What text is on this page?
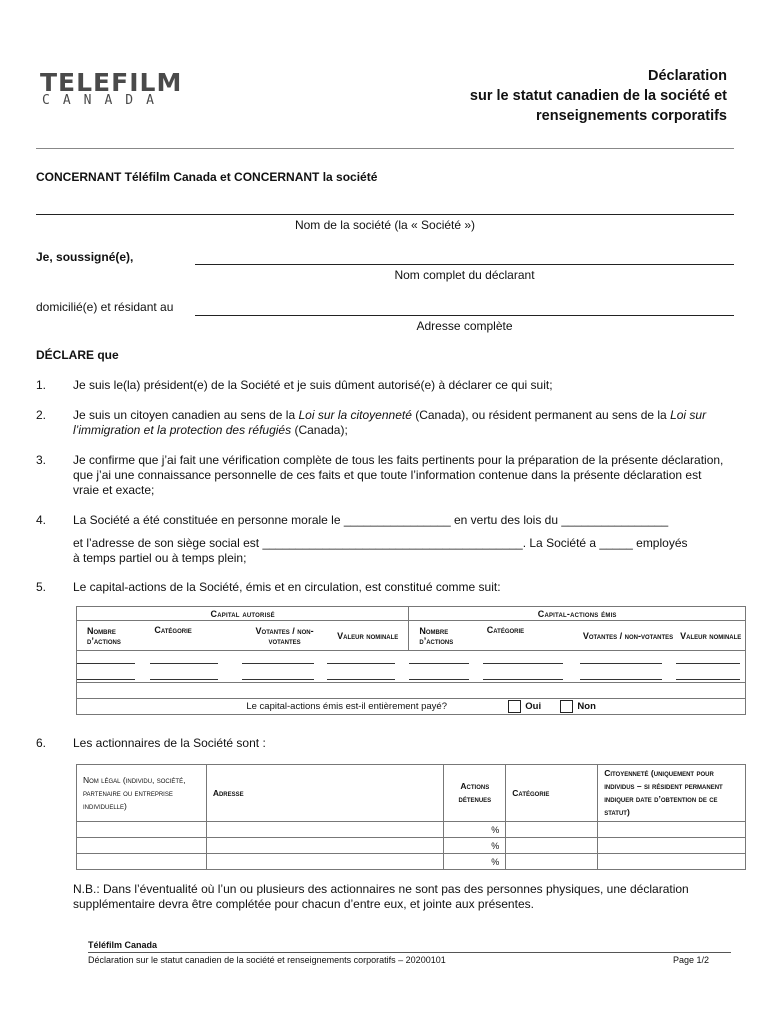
TELEFILM
CANADA
Déclaration
sur le statut canadien de la société et
renseignements corporatifs
CONCERNANT Téléfilm Canada et CONCERNANT la société
Nom de la société (la « Société »)
Je, soussigné(e),
Nom complet du déclarant
domicilié(e) et résidant au
Adresse complète
DÉCLARE que
1. Je suis le(la) président(e) de la Société et je suis dûment autorisé(e) à déclarer ce qui suit;
2. Je suis un citoyen canadien au sens de la Loi sur la citoyenneté (Canada), ou résident permanent au sens de la Loi sur l’immigration et la protection des réfugiés (Canada);
3. Je confirme que j’ai fait une vérification complète de tous les faits pertinents pour la préparation de la présente déclaration, que j’ai une connaissance personnelle de ces faits et que toute l’information contenue dans la présente déclaration est vraie et exacte;
4. La Société a été constituée en personne morale le ________________ en vertu des lois du ________________
et l’adresse de son siège social est _______________________________________. La Société a _____ employés
à temps partiel ou à temps plein;
5. Le capital-actions de la Société, émis et en circulation, est constitué comme suit:
Capital autorisé				Capital-actions émis			
Nombre d’actions	Catégorie	Votantes / non-votantes	Valeur nominale	Nombre d’actions	Catégorie	Votantes / non-votantes	Valeur nominale

Le capital-actions émis est-il entièrement payé? Oui Non							
6. Les actionnaires de la Société sont :
Nom légal (individu, société, partenaire ou entreprise individuelle)	Adresse	Actions détenues	Catégorie	Citoyenneté (uniquement pour individus – si résident permanent indiquer date d’obtention de ce statut)
		%		
		%		
		%		
N.B.: Dans l’éventualité où l’un ou plusieurs des actionnaires ne sont pas des personnes physiques, une déclaration supplémentaire devra être complétée pour chacun d’entre eux, et jointe aux présentes.
Téléfilm Canada
Déclaration sur le statut canadien de la société et renseignements corporatifs – 20200101	Page 1/2
